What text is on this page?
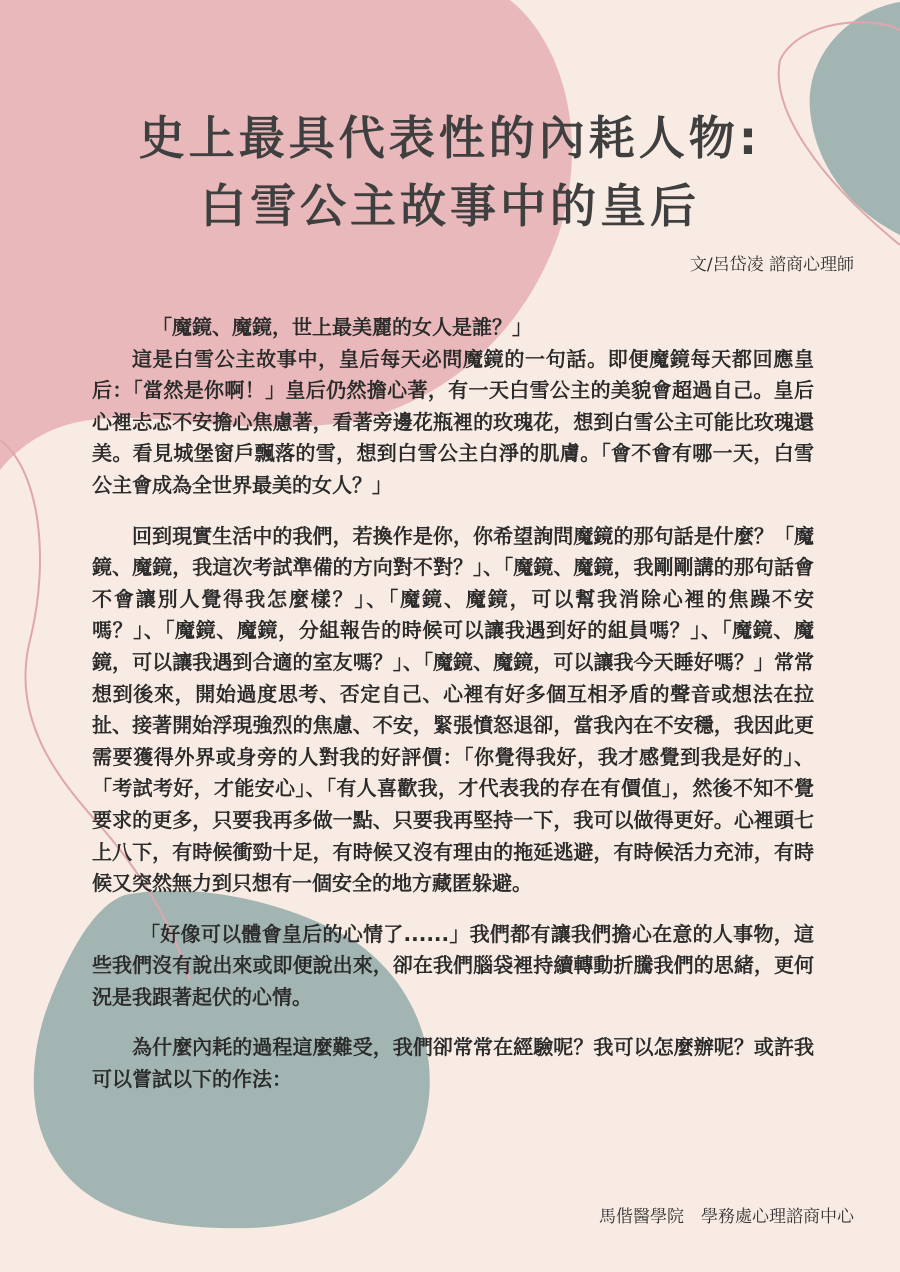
史上最具代表性的內耗人物:
白雪公主故事中的皇后
文/呂岱凌 諮商心理師

「魔鏡、魔鏡，世上最美麗的女人是誰？」

這是白雪公主故事中，皇后每天必問魔鏡的一句話。即便魔鏡每天都回應皇后：「當然是你啊！」皇后仍然擔心著，有一天白雪公主的美貌會超過自己。皇后心裡忐忑不安擔心焦慮著，看著旁邊花瓶裡的玫瑰花，想到白雪公主可能比玫瑰還美。看見城堡窗戶飄落的雪，想到白雪公主白淨的肌膚。「會不會有哪一天，白雪公主會成為全世界最美的女人？」

回到現實生活中的我們，若換作是你，你希望詢問魔鏡的那句話是什麼？「魔鏡、魔鏡，我這次考試準備的方向對不對？」、「魔鏡、魔鏡，我剛剛講的那句話會不會讓別人覺得我怎麼樣？」、「魔鏡、魔鏡，可以幫我消除心裡的焦躁不安嗎？」、「魔鏡、魔鏡，分組報告的時候可以讓我遇到好的組員嗎？」、「魔鏡、魔鏡，可以讓我遇到合適的室友嗎？」、「魔鏡、魔鏡，可以讓我今天睡好嗎？」常常想到後來，開始過度思考、否定自己、心裡有好多個互相矛盾的聲音或想法在拉扯、接著開始浮現強烈的焦慮、不安，緊張憤怒退卻，當我內在不安穩，我因此更需要獲得外界或身旁的人對我的好評價：「你覺得我好，我才感覺到我是好的」、「考試考好，才能安心」、「有人喜歡我，才代表我的存在有價值」，然後不知不覺要求的更多，只要我再多做一點、只要我再堅持一下，我可以做得更好。心裡頭七上八下，有時候衝勁十足，有時候又沒有理由的拖延逃避，有時候活力充沛，有時候又突然無力到只想有一個安全的地方藏匿躲避。

「好像可以體會皇后的心情了......」我們都有讓我們擔心在意的人事物，這些我們沒有說出來或即便說出來，卻在我們腦袋裡持續轉動折騰我們的思緒，更何況是我跟著起伏的心情。

為什麼內耗的過程這麼難受，我們卻常常在經驗呢？我可以怎麼辦呢？或許我可以嘗試以下的作法：

馬偕醫學院　學務處心理諮商中心
